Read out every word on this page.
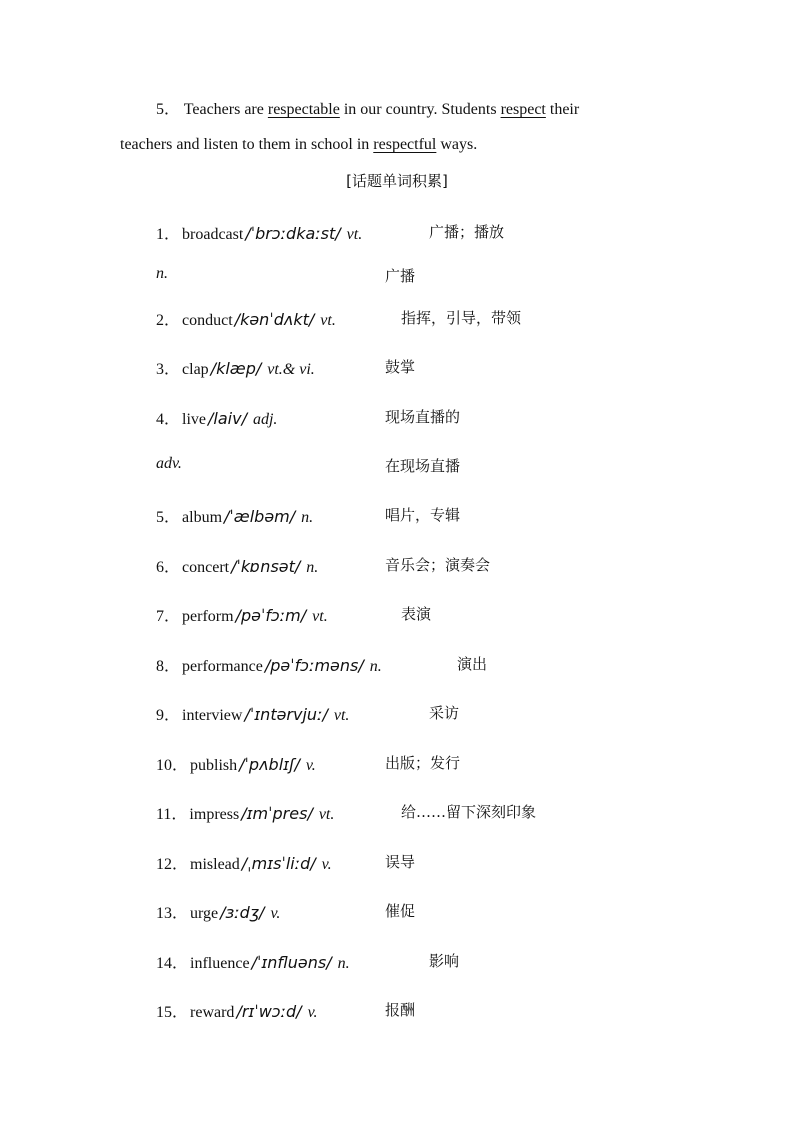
5． Teachers are respectable in our country. Students respect their
teachers and listen to them in school in respectful ways.
[话题单词积累]
1． broadcast /ˈbrɔːdkaːst/ vt.	广播；播放
n.	广播
2． conduct /kənˈdʌkt/ vt.	指挥，引导，带领
3． clap /klæp/ vt.& vi.	鼓掌
4． live /laiv/ adj.	现场直播的
adv.	在现场直播
5． album /ˈælbəm/ n.	唱片，专辑
6． concert /ˈkɒnsət/ n.	音乐会；演奏会
7． perform /pəˈfɔːm/ vt.	表演
8． performance /pəˈfɔːməns/ n.	演出
9． interview /ˈɪntərvjuː/ vt.	采访
10． publish /ˈpʌblɪʃ/ v.	出版；发行
11． impress /ɪmˈpres/ vt.	给……留下深刻印象
12． mislead /ˌmɪsˈliːd/ v.	误导
13． urge /ɜːdʒ/ v.	催促
14． influence /ˈɪnfluəns/ n.	影响
15． reward /rɪˈwɔːd/ v.	报酬
